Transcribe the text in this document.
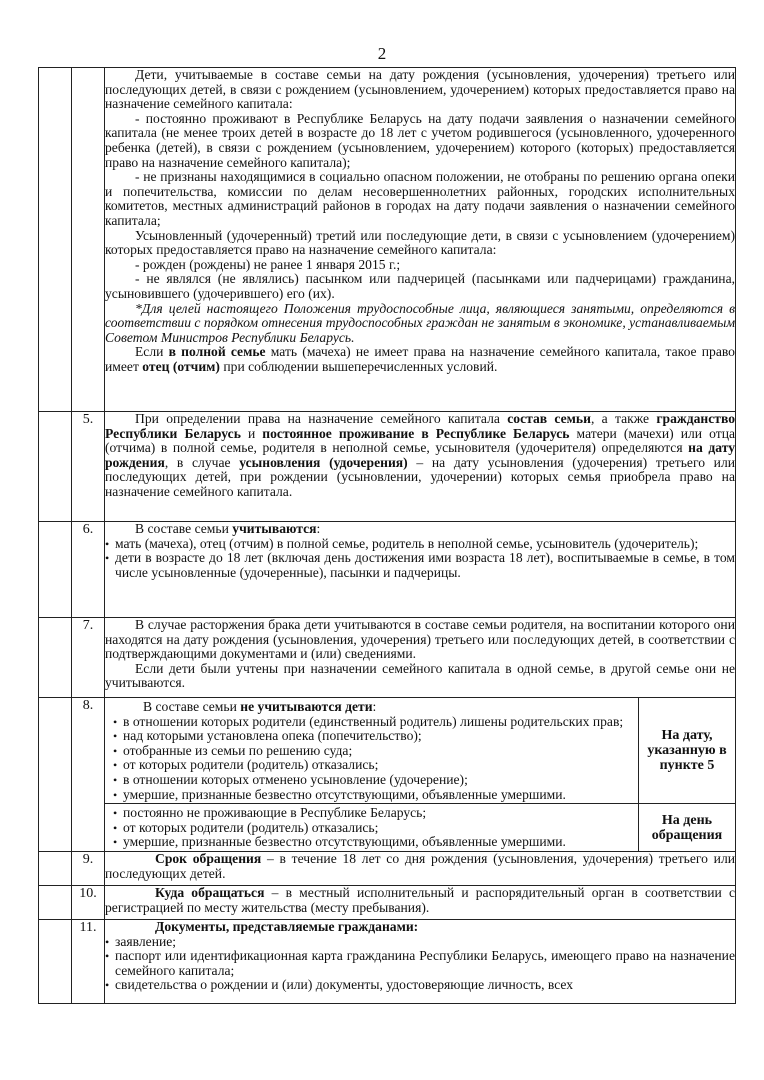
2

Дети, учитываемые в составе семьи на дату рождения (усыновления, удочерения) третьего или последующих детей, в связи с рождением (усыновлением, удочерением) которых предоставляется право на назначение семейного капитала:

- постоянно проживают в Республике Беларусь на дату подачи заявления о назначении семейного капитала (не менее троих детей в возрасте до 18 лет с учетом родившегося (усыновленного, удочеренного ребенка (детей), в связи с рождением (усыновлением, удочерением) которого (которых) предоставляется право на назначение семейного капитала);

- не признаны находящимися в социально опасном положении, не отобраны по решению органа опеки и попечительства, комиссии по делам несовершеннолетних районных, городских исполнительных комитетов, местных администраций районов в городах на дату подачи заявления о назначении семейного капитала;

Усыновленный (удочеренный) третий или последующие дети, в связи с усыновлением (удочерением) которых предоставляется право на назначение семейного капитала:

- рожден (рождены) не ранее 1 января 2015 г.;

- не являлся (не являлись) пасынком или падчерицей (пасынками или падчерицами) гражданина, усыновившего (удочерившего) его (их).

*Для целей настоящего Положения трудоспособные лица, являющиеся занятыми, определяются в соответствии с порядком отнесения трудоспособных граждан не занятым в экономике, устанавливаемым Советом Министров Республики Беларусь.

Если в полной семье мать (мачеха) не имеет права на назначение семейного капитала, такое право имеет отец (отчим) при соблюдении вышеперечисленных условий.

	5.	При определении права на назначение семейного капитала состав семьи, а также гражданство Республики Беларусь и постоянное проживание в Республике Беларусь матери (мачехи) или отца (отчима) в полной семье, родителя в неполной семье, усыновителя (удочерителя) определяются на дату рождения, в случае усыновления (удочерения) – на дату усыновления (удочерения) третьего или последующих детей, при рождении (усыновлении, удочерении) которых семья приобрела право на назначение семейного капитала.

	6.	В составе семьи учитываются:

• мать (мачеха), отец (отчим) в полной семье, родитель в неполной семье, усыновитель (удочеритель);

• дети в возрасте до 18 лет (включая день достижения ими возраста 18 лет), воспитываемые в семье, в том числе усыновленные (удочеренные), пасынки и падчерицы.

	7.	В случае расторжения брака дети учитываются в составе семьи родителя, на воспитании которого они находятся на дату рождения (усыновления, удочерения) третьего или последующих детей, в соответствии с подтверждающими документами и (или) сведениями.

Если дети были учтены при назначении семейного капитала в одной семье, в другой семье они не учитываются.

	8.		В составе семьи не учитываются дети:

• в отношении которых родители (единственный родитель) лишены родительских прав;

• над которыми установлена опека (попечительство);

• отобранные из семьи по решению суда;

• от которых родители (родитель) отказались;

• в отношении которых отменено усыновление (удочерение);

• умершие, признанные безвестно отсутствующими, объявленные умершими.

	На дату, указанную в пункте 5

• постоянно не проживающие в Республике Беларусь;

• от которых родители (родитель) отказались;

• умершие, признанные безвестно отсутствующими, объявленные умершими.

	На день обращения

	9.	Срок обращения – в течение 18 лет со дня рождения (усыновления, удочерения) третьего или последующих детей.

	10.	Куда обращаться – в местный исполнительный и распорядительный орган в соответствии с регистрацией по месту жительства (месту пребывания).

	11.	Документы, представляемые гражданами:

• заявление;

• паспорт или идентификационная карта гражданина Республики Беларусь, имеющего право на назначение семейного капитала;

• свидетельства о рождении и (или) документы, удостоверяющие личность, всех
